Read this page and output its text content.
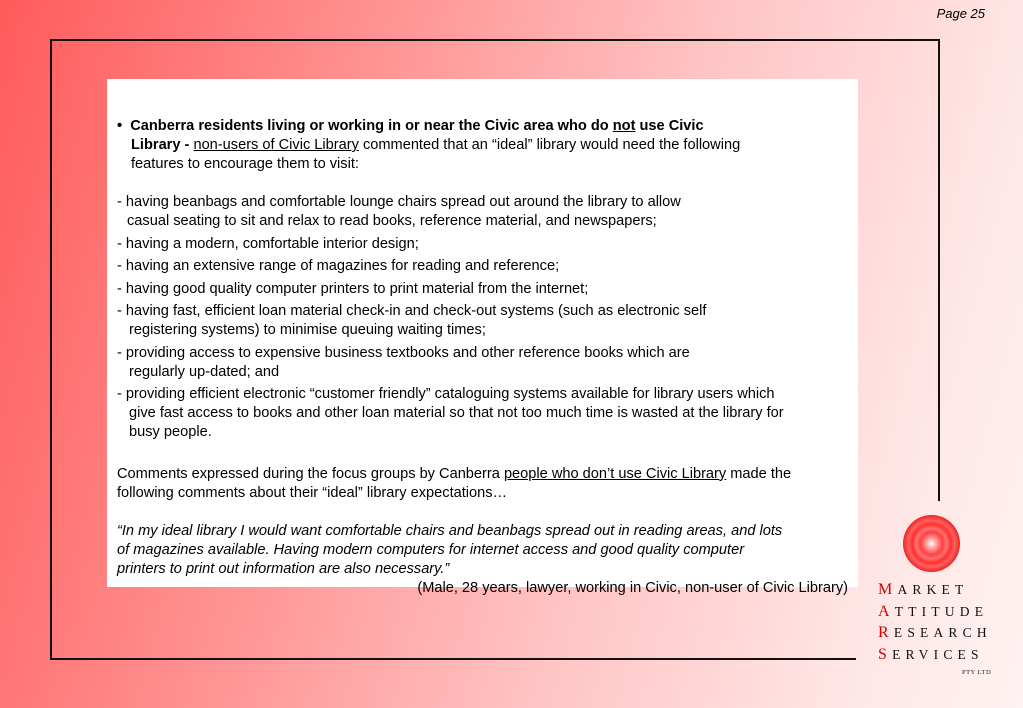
Page 25

• Canberra residents living or working in or near the Civic area who do not use Civic

Library - non-users of Civic Library commented that an “ideal” library would need the following
features to encourage them to visit:

- having beanbags and comfortable lounge chairs spread out around the library to allow
casual seating to sit and relax to read books, reference material, and newspapers;

- having a modern, comfortable interior design;

- having an extensive range of magazines for reading and reference;

- having good quality computer printers to print material from the internet;

- having fast, efficient loan material check-in and check-out systems (such as electronic self
registering systems) to minimise queuing waiting times;

- providing access to expensive business textbooks and other reference books which are
regularly up-dated; and

- providing efficient electronic “customer friendly” cataloguing systems available for library users which
give fast access to books and other loan material so that not too much time is wasted at the library for
busy people.

Comments expressed during the focus groups by Canberra people who don’t use Civic Library made the
following comments about their “ideal” library expectations…

“In my ideal library I would want comfortable chairs and beanbags spread out in reading areas, and lots
of magazines available. Having modern computers for internet access and good quality computer
printers to print out information are also necessary.”

(Male, 28 years, lawyer, working in Civic, non-user of Civic Library) MARKET
ATTITUDE
RESEARCH
SERVICES
PTY LTD
